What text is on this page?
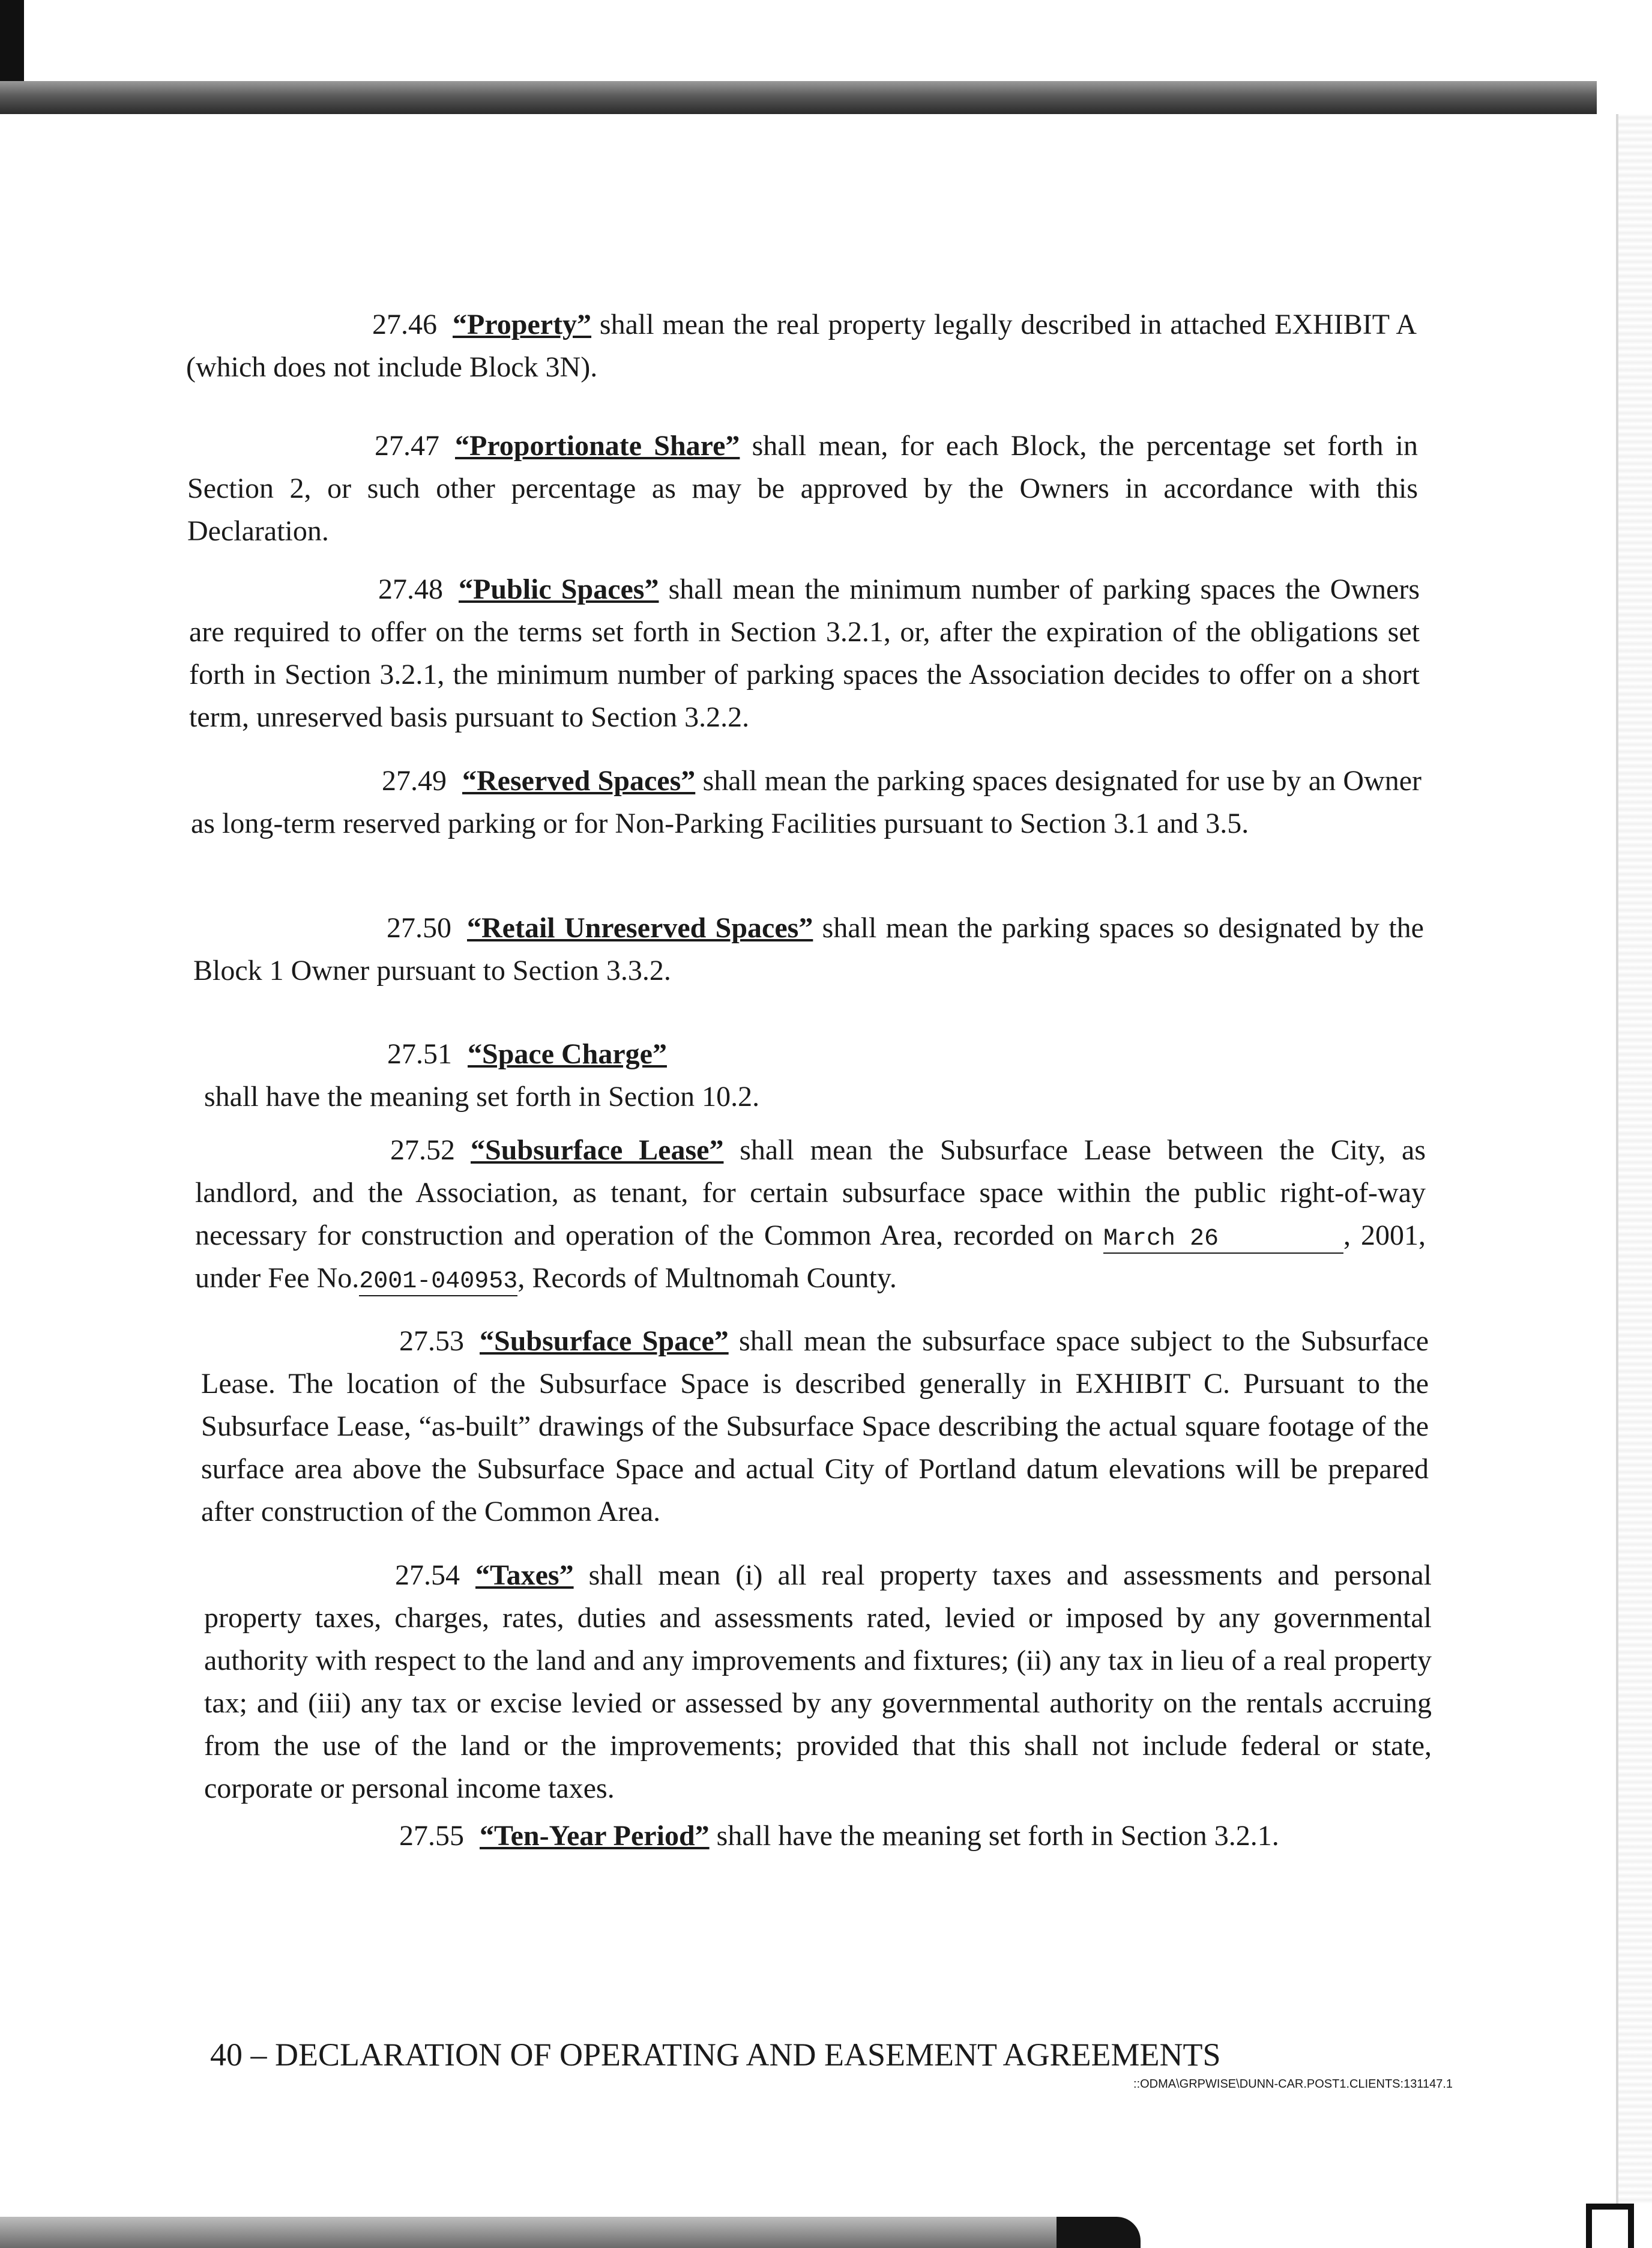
27.46 “Property” shall mean the real property legally described in attached EXHIBIT A (which does not include Block 3N).

27.47 “Proportionate Share” shall mean, for each Block, the percentage set forth in Section 2, or such other percentage as may be approved by the Owners in accordance with this Declaration.

27.48 “Public Spaces” shall mean the minimum number of parking spaces the Owners are required to offer on the terms set forth in Section 3.2.1, or, after the expiration of the obligations set forth in Section 3.2.1, the minimum number of parking spaces the Association decides to offer on a short term, unreserved basis pursuant to Section 3.2.2.

27.49 “Reserved Spaces” shall mean the parking spaces designated for use by an Owner as long-term reserved parking or for Non-Parking Facilities pursuant to Section 3.1 and 3.5.

27.50 “Retail Unreserved Spaces” shall mean the parking spaces so designated by the Block 1 Owner pursuant to Section 3.3.2.

27.51 “Space Charge”
shall have the meaning set forth in Section 10.2.

27.52 “Subsurface Lease” shall mean the Subsurface Lease between the City, as landlord, and the Association, as tenant, for certain subsurface space within the public right-of-way necessary for construction and operation of the Common Area, recorded on March 26	, 2001, under Fee No.2001-040953, Records of Multnomah County.

27.53 “Subsurface Space” shall mean the subsurface space subject to the Subsurface Lease. The location of the Subsurface Space is described generally in EXHIBIT C. Pursuant to the Subsurface Lease, “as-built” drawings of the Subsurface Space describing the actual square footage of the surface area above the Subsurface Space and actual City of Portland datum elevations will be prepared after construction of the Common Area.

27.54 “Taxes” shall mean (i) all real property taxes and assessments and personal property taxes, charges, rates, duties and assessments rated, levied or imposed by any governmental authority with respect to the land and any improvements and fixtures; (ii) any tax in lieu of a real property tax; and (iii) any tax or excise levied or assessed by any governmental authority on the rentals accruing from the use of the land or the improvements; provided that this shall not include federal or state, corporate or personal income taxes.

27.55 “Ten-Year Period” shall have the meaning set forth in Section 3.2.1.

40 – DECLARATION OF OPERATING AND EASEMENT AGREEMENTS
::ODMA\GRPWISE\DUNN-CAR.POST1.CLIENTS:131147.1
